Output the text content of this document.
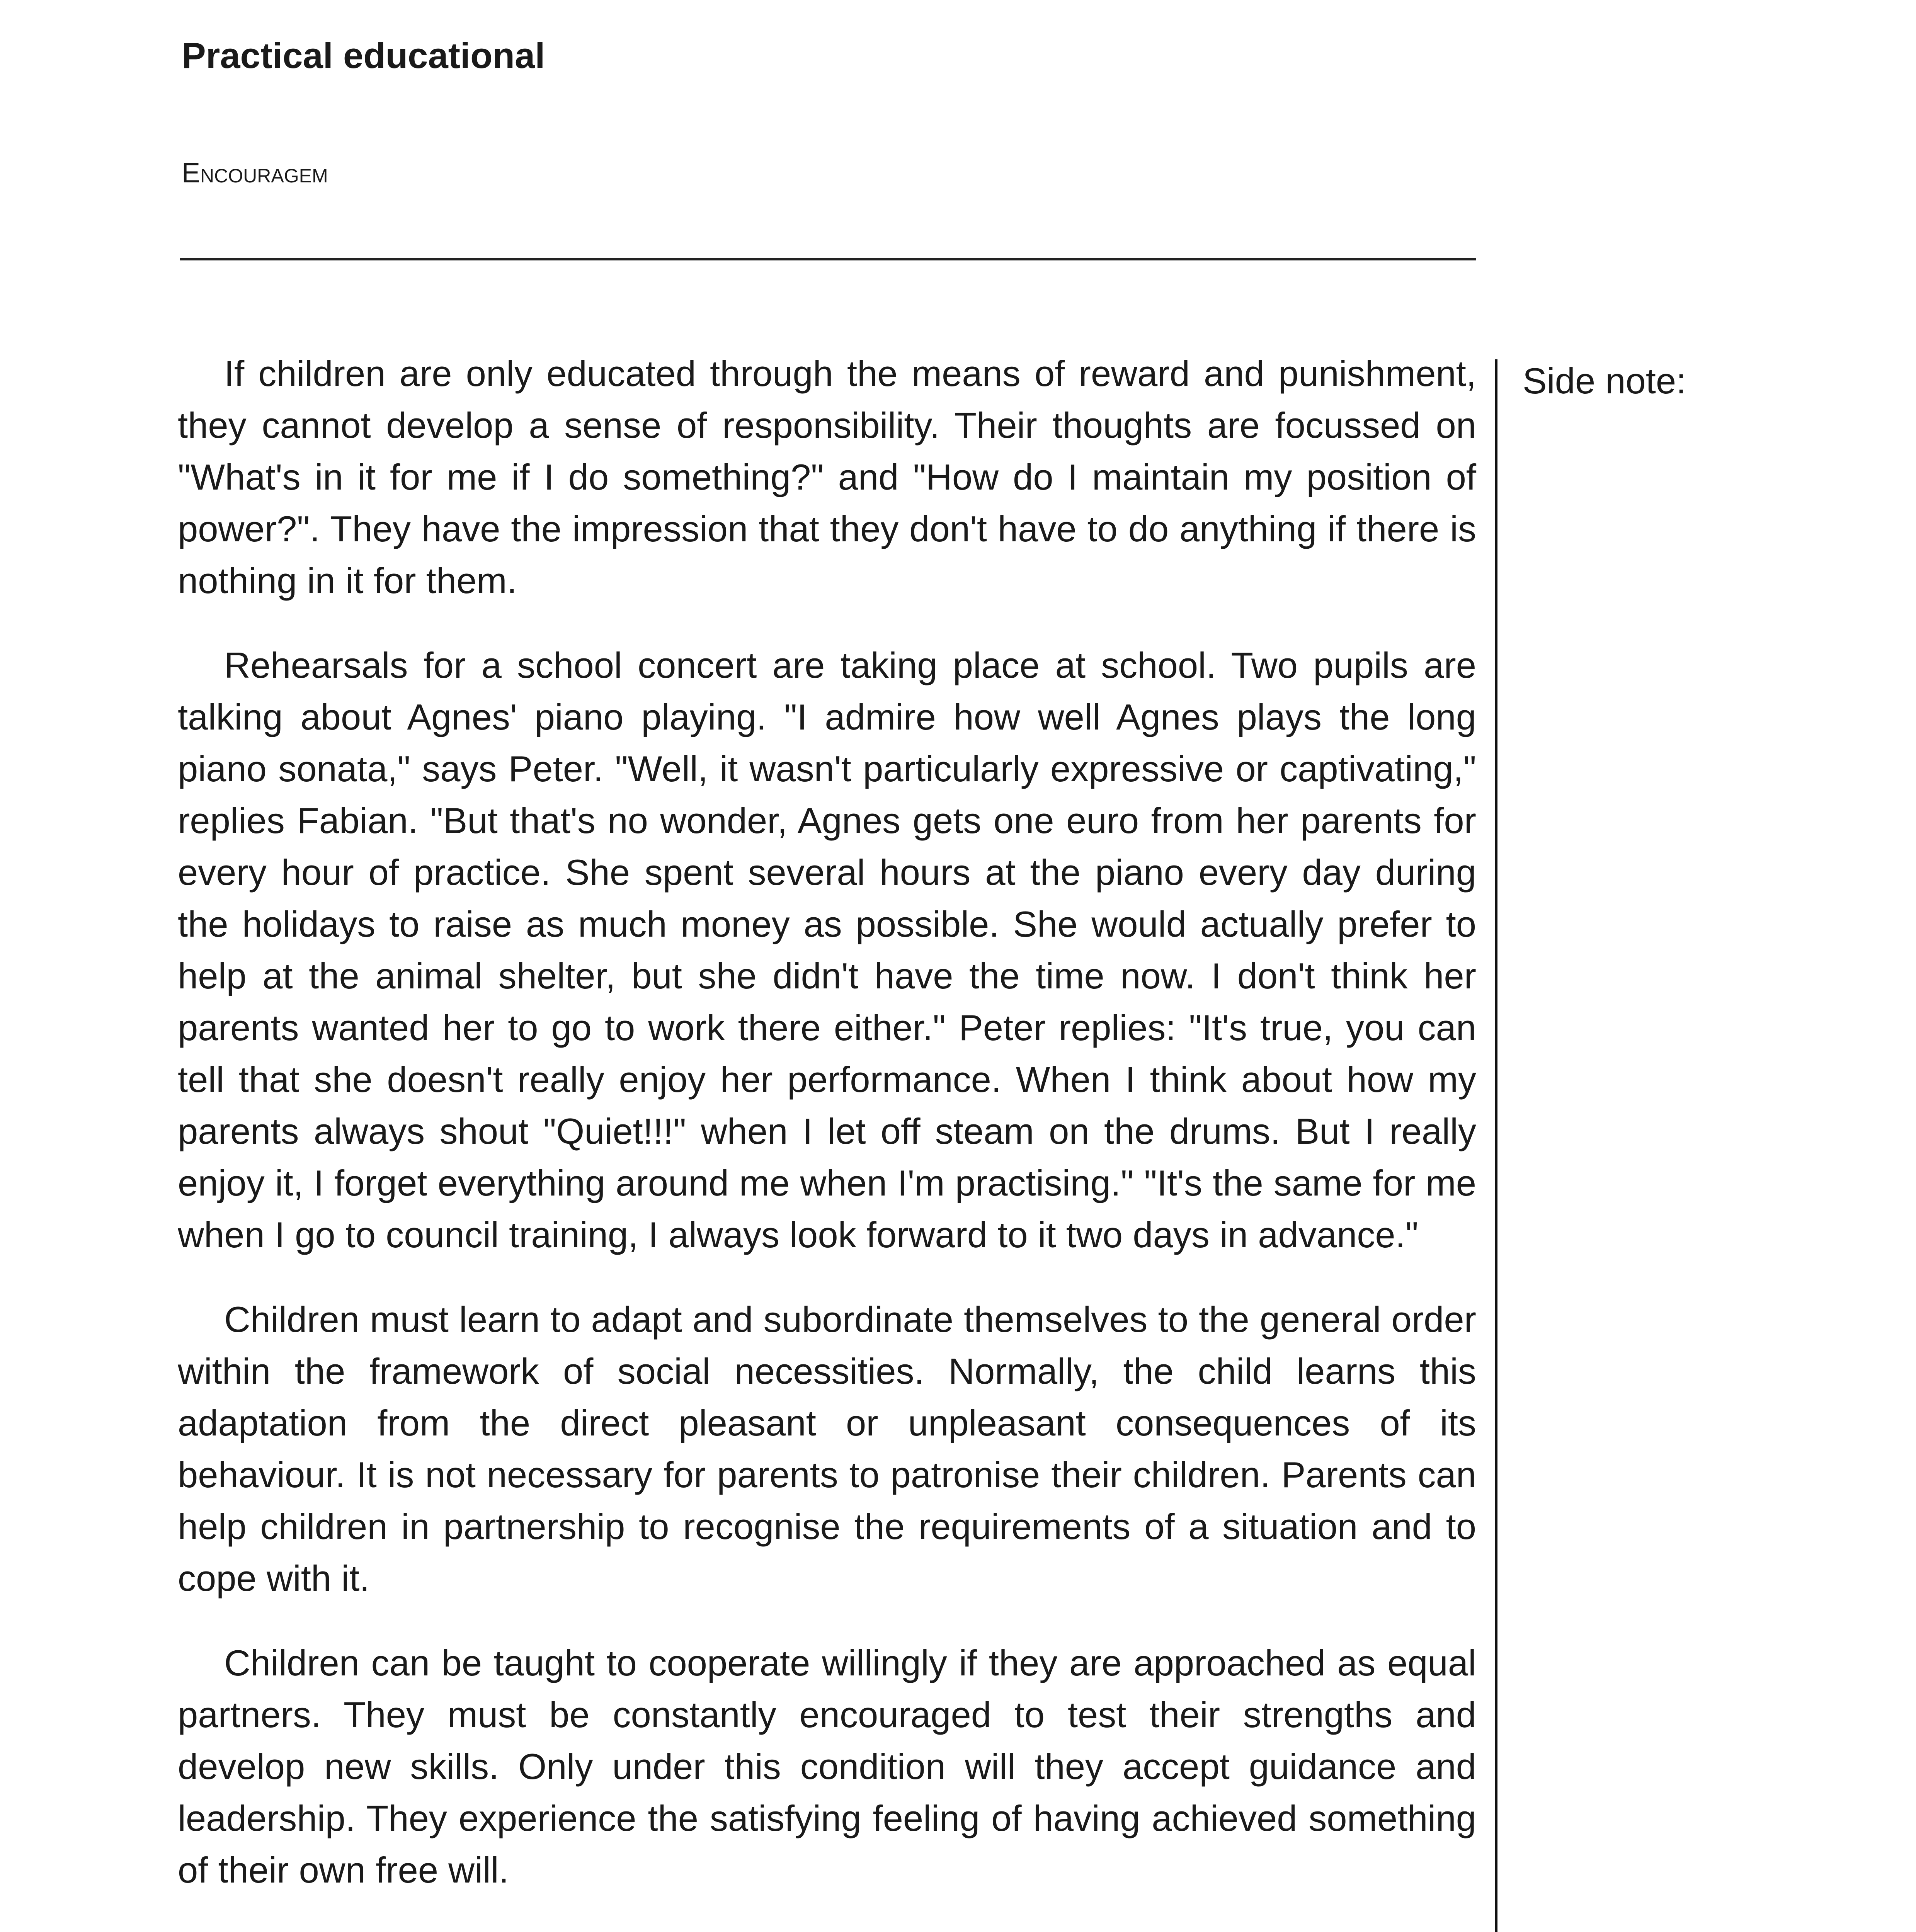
Practical educational
Encouragem

If children are only educated through the means of reward and punishment, they cannot develop a sense of responsibility. Their thoughts are focussed on "What's in it for me if I do something?" and "How do I maintain my position of power?". They have the impression that they don't have to do anything if there is nothing in it for them.

Rehearsals for a school concert are taking place at school. Two pupils are talking about Agnes' piano playing. "I admire how well Agnes plays the long piano sonata," says Peter. "Well, it wasn't particularly expressive or captivating," replies Fabian. "But that's no wonder, Agnes gets one euro from her parents for every hour of practice. She spent several hours at the piano every day during the holidays to raise as much money as possible. She would actually prefer to help at the animal shelter, but she didn't have the time now. I don't think her parents wanted her to go to work there either." Peter replies: "It's true, you can tell that she doesn't really enjoy her performance. When I think about how my parents always shout "Quiet!!!" when I let off steam on the drums. But I really enjoy it, I forget everything around me when I'm practising." "It's the same for me when I go to council training, I always look forward to it two days in advance."

Children must learn to adapt and subordinate themselves to the general order within the framework of social necessities. Normally, the child learns this adaptation from the direct pleasant or unpleasant consequences of its behaviour. It is not necessary for parents to patronise their children. Parents can help children in partnership to recognise the requirements of a situation and to cope with it.

Children can be taught to cooperate willingly if they are approached as equal partners. They must be constantly encouraged to test their strengths and develop new skills. Only under this condition will they accept guidance and leadership. They experience the satisfying feeling of having achieved something of their own free will.

Side note:
